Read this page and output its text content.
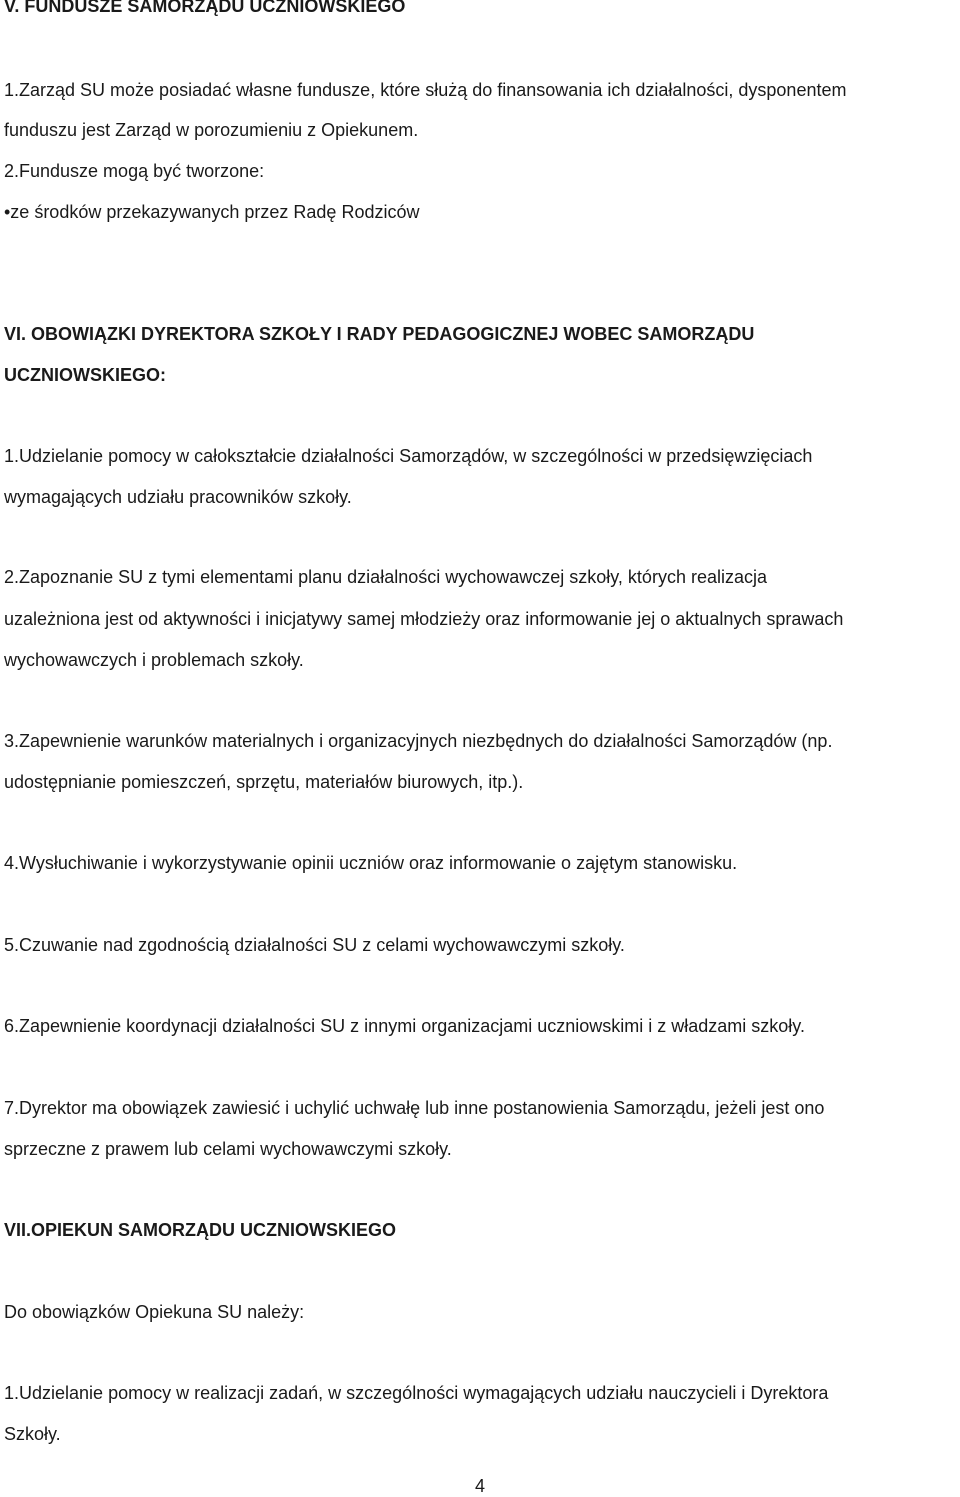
V. FUNDUSZE SAMORZĄDU UCZNIOWSKIEGO
1.Zarząd SU może posiadać własne fundusze, które służą do finansowania ich działalności, dysponentem
funduszu jest Zarząd w porozumieniu z Opiekunem.
2.Fundusze mogą być tworzone:
•ze środków przekazywanych przez Radę Rodziców
VI. OBOWIĄZKI DYREKTORA SZKOŁY I RADY PEDAGOGICZNEJ WOBEC SAMORZĄDU
UCZNIOWSKIEGO:
1.Udzielanie pomocy w całokształcie działalności Samorządów, w szczególności w przedsięwzięciach
wymagających udziału pracowników szkoły.
2.Zapoznanie SU z tymi elementami planu działalności wychowawczej szkoły, których realizacja
uzależniona jest od aktywności i inicjatywy samej młodzieży oraz informowanie jej o aktualnych sprawach
wychowawczych i problemach szkoły.
3.Zapewnienie warunków materialnych i organizacyjnych niezbędnych do działalności Samorządów (np.
udostępnianie pomieszczeń, sprzętu, materiałów biurowych, itp.).
4.Wysłuchiwanie i wykorzystywanie opinii uczniów oraz informowanie o zajętym stanowisku.
5.Czuwanie nad zgodnością działalności SU z celami wychowawczymi szkoły.
6.Zapewnienie koordynacji działalności SU z innymi organizacjami uczniowskimi i z władzami szkoły.
7.Dyrektor ma obowiązek zawiesić i uchylić uchwałę lub inne postanowienia Samorządu, jeżeli jest ono
sprzeczne z prawem lub celami wychowawczymi szkoły.
VII.OPIEKUN SAMORZĄDU UCZNIOWSKIEGO
Do obowiązków Opiekuna SU należy:
1.Udzielanie pomocy w realizacji zadań, w szczególności wymagających udziału nauczycieli i Dyrektora
Szkoły.
4
